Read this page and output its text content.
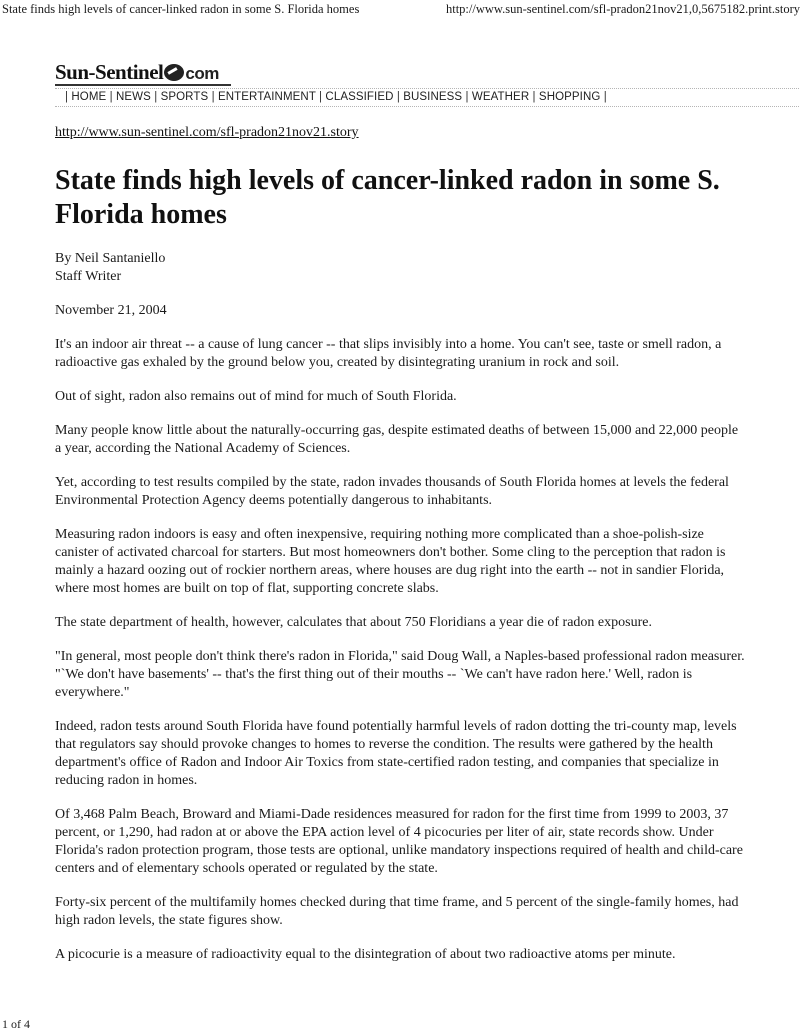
State finds high levels of cancer-linked radon in some S. Florida homes	http://www.sun-sentinel.com/sfl-pradon21nov21,0,5675182.print.story
Sun-Sentinel com
| HOME | NEWS | SPORTS | ENTERTAINMENT | CLASSIFIED | BUSINESS | WEATHER | SHOPPING |
http://www.sun-sentinel.com/sfl-pradon21nov21.story
State finds high levels of cancer-linked radon in some S. Florida homes

By Neil Santaniello
Staff Writer

November 21, 2004

It's an indoor air threat -- a cause of lung cancer -- that slips invisibly into a home. You can't see, taste or smell radon, a radioactive gas exhaled by the ground below you, created by disintegrating uranium in rock and soil.

Out of sight, radon also remains out of mind for much of South Florida.

Many people know little about the naturally-occurring gas, despite estimated deaths of between 15,000 and 22,000 people a year, according the National Academy of Sciences.

Yet, according to test results compiled by the state, radon invades thousands of South Florida homes at levels the federal Environmental Protection Agency deems potentially dangerous to inhabitants.

Measuring radon indoors is easy and often inexpensive, requiring nothing more complicated than a shoe-polish-size canister of activated charcoal for starters. But most homeowners don't bother. Some cling to the perception that radon is mainly a hazard oozing out of rockier northern areas, where houses are dug right into the earth -- not in sandier Florida, where most homes are built on top of flat, supporting concrete slabs.

The state department of health, however, calculates that about 750 Floridians a year die of radon exposure.

"In general, most people don't think there's radon in Florida," said Doug Wall, a Naples-based professional radon measurer. "`We don't have basements' -- that's the first thing out of their mouths -- `We can't have radon here.' Well, radon is everywhere."

Indeed, radon tests around South Florida have found potentially harmful levels of radon dotting the tri-county map, levels that regulators say should provoke changes to homes to reverse the condition. The results were gathered by the health department's office of Radon and Indoor Air Toxics from state-certified radon testing, and companies that specialize in reducing radon in homes.

Of 3,468 Palm Beach, Broward and Miami-Dade residences measured for radon for the first time from 1999 to 2003, 37 percent, or 1,290, had radon at or above the EPA action level of 4 picocuries per liter of air, state records show. Under Florida's radon protection program, those tests are optional, unlike mandatory inspections required of health and child-care centers and of elementary schools operated or regulated by the state.

Forty-six percent of the multifamily homes checked during that time frame, and 5 percent of the single-family homes, had high radon levels, the state figures show.

A picocurie is a measure of radioactivity equal to the disintegration of about two radioactive atoms per minute.

1 of 4
